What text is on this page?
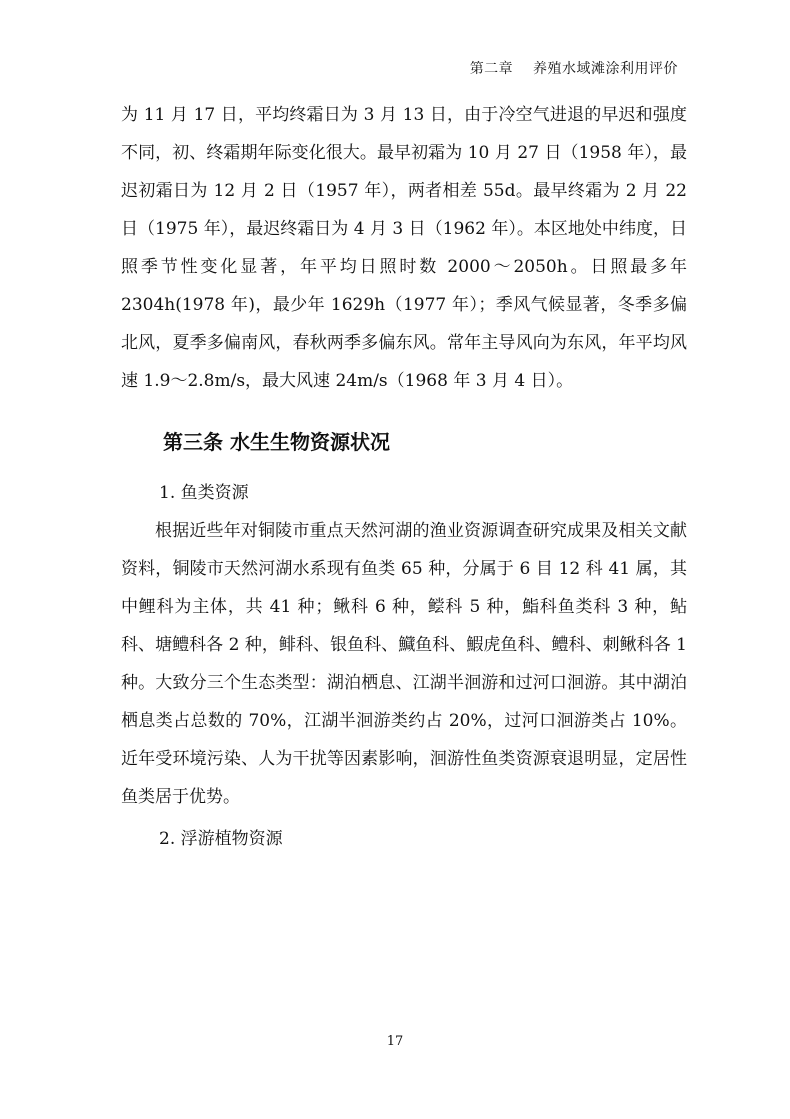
第二章 养殖水域滩涂利用评价

为 11 月 17 日，平均终霜日为 3 月 13 日，由于冷空气进退的早迟和强度不同，初、终霜期年际变化很大。最早初霜为 10 月 27 日（1958 年），最迟初霜日为 12 月 2 日（1957 年），两者相差 55d。最早终霜为 2 月 22 日（1975 年），最迟终霜日为 4 月 3 日（1962 年）。本区地处中纬度，日照季节性变化显著，年平均日照时数 2000～2050h。日照最多年 2304h(1978 年)，最少年 1629h（1977 年）；季风气候显著，冬季多偏北风，夏季多偏南风，春秋两季多偏东风。常年主导风向为东风，年平均风速 1.9～2.8m/s，最大风速 24m/s（1968 年 3 月 4 日）。

第三条 水生生物资源状况

1. 鱼类资源

根据近些年对铜陵市重点天然河湖的渔业资源调查研究成果及相关文献资料，铜陵市天然河湖水系现有鱼类 65 种，分属于 6 目 12 科 41 属，其中鲤科为主体，共 41 种；鳅科 6 种，鲿科 5 种，鮨科鱼类科 3 种，鲇科、塘鳢科各 2 种，鲱科、银鱼科、鱵鱼科、鰕虎鱼科、鳢科、刺鳅科各 1 种。大致分三个生态类型：湖泊栖息、江湖半洄游和过河口洄游。其中湖泊栖息类占总数的 70%，江湖半洄游类约占 20%，过河口洄游类占 10%。近年受环境污染、人为干扰等因素影响，洄游性鱼类资源衰退明显，定居性鱼类居于优势。

2. 浮游植物资源

17
